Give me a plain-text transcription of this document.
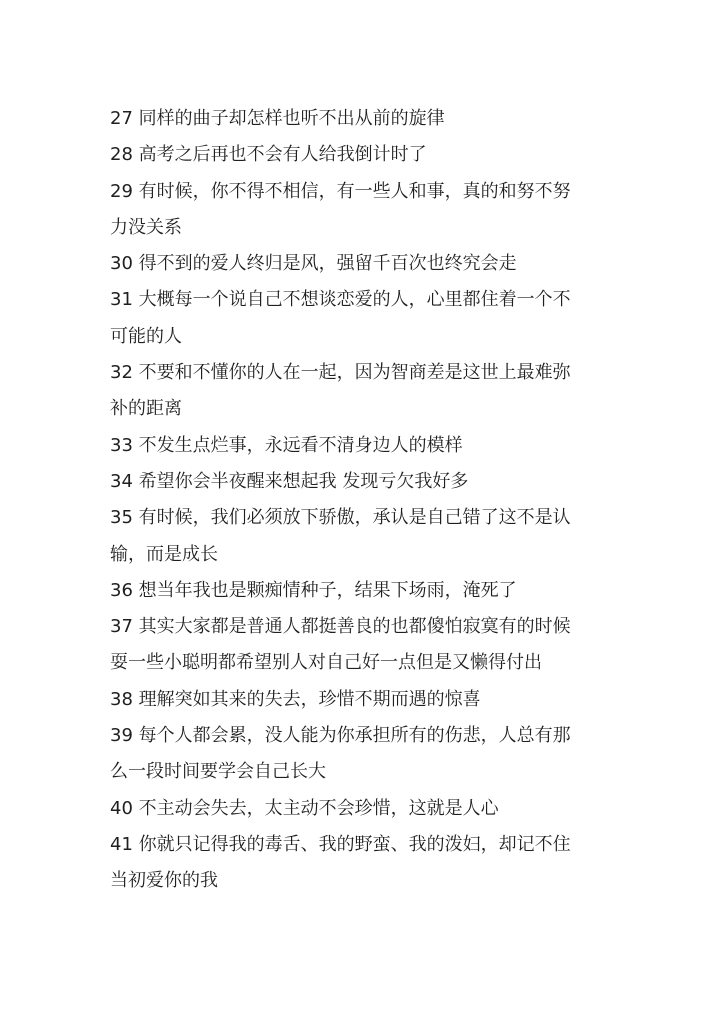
27 同样的曲子却怎样也听不出从前的旋律
28 高考之后再也不会有人给我倒计时了
29 有时候，你不得不相信，有一些人和事，真的和努不努
力没关系
30 得不到的爱人终归是风，强留千百次也终究会走
31 大概每一个说自己不想谈恋爱的人，心里都住着一个不
可能的人
32 不要和不懂你的人在一起，因为智商差是这世上最难弥
补的距离
33 不发生点烂事，永远看不清身边人的模样
34 希望你会半夜醒来想起我 发现亏欠我好多
35 有时候，我们必须放下骄傲，承认是自己错了这不是认
输，而是成长
36 想当年我也是颗痴情种子，结果下场雨，淹死了
37 其实大家都是普通人都挺善良的也都傻怕寂寞有的时候
耍一些小聪明都希望别人对自己好一点但是又懒得付出
38 理解突如其来的失去，珍惜不期而遇的惊喜
39 每个人都会累，没人能为你承担所有的伤悲，人总有那
么一段时间要学会自己长大
40 不主动会失去，太主动不会珍惜，这就是人心
41 你就只记得我的毒舌、我的野蛮、我的泼妇，却记不住
当初爱你的我
